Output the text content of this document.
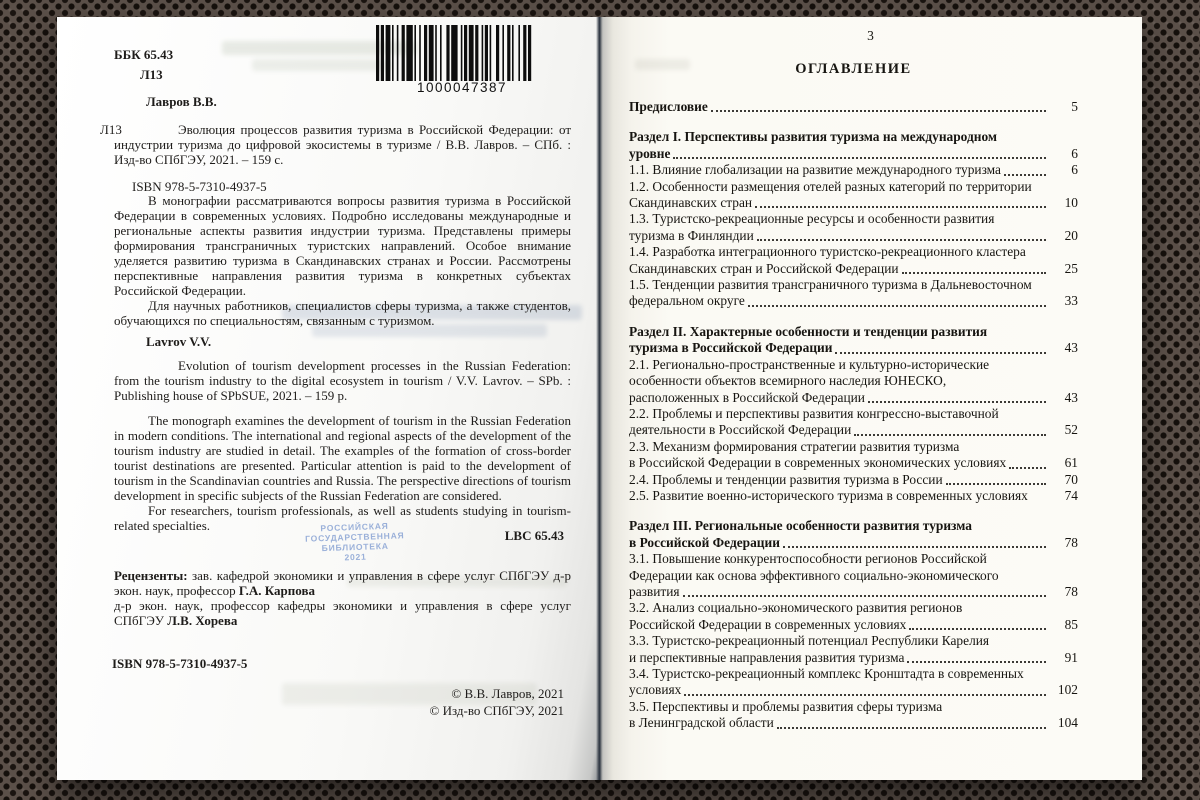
ББК 65.43
Л13
1000047387
Лавров В.В.
Л13	Эволюция процессов развития туризма в Российской Федерации: от индустрии туризма до цифровой экосистемы в туризме / В.В. Лавров. – СПб. : Изд-во СПбГЭУ, 2021. – 159 с.

ISBN 978-5-7310-4937-5

В монографии рассматриваются вопросы развития туризма в Российской Федерации в современных условиях. Подробно исследованы международные и региональные аспекты развития индустрии туризма. Представлены примеры формирования трансграничных туристских направлений. Особое внимание уделяется развитию туризма в Скандинавских странах и России. Рассмотрены перспективные направления развития туризма в конкретных субъектах Российской Федерации.

Для научных работников, специалистов сферы туризма, а также студентов, обучающихся по специальностям, связанным с туризмом.

Lavrov V.V.

Evolution of tourism development processes in the Russian Federation: from the tourism industry to the digital ecosystem in tourism / V.V. Lavrov. – SPb. : Publishing house of SPbSUE, 2021. – 159 p.

The monograph examines the development of tourism in the Russian Federation in modern conditions. The international and regional aspects of the development of the tourism industry are studied in detail. The examples of the formation of cross-border tourist destinations are presented. Particular attention is paid to the development of tourism in the Scandinavian countries and Russia. The perspective directions of tourism development in specific subjects of the Russian Federation are considered.

For researchers, tourism professionals, as well as students studying in tourism-related specialties.	РОССИЙСКАЯ
ГОСУДАРСТВЕННАЯ
БИБЛИОТЕКА
2021
LBC 65.43

Рецензенты: зав. кафедрой экономики и управления в сфере услуг СПбГЭУ д-р экон. наук, профессор Г.А. Карпова

д-р экон. наук, профессор кафедры экономики и управления в сфере услуг СПбГЭУ Л.В. Хорева

ISBN 978-5-7310-4937-5
© В.В. Лавров, 2021
© Изд-во СПбГЭУ, 2021
3
ОГЛАВЛЕНИЕ
Предисловие	5
Раздел I. Перспективы развития туризма на международном
уровне	6
1.1. Влияние глобализации на развитие международного туризма	6
1.2. Особенности размещения отелей разных категорий по территории
Скандинавских стран	10
1.3. Туристско-рекреационные ресурсы и особенности развития
туризма в Финляндии	20
1.4. Разработка интеграционного туристско-рекреационного кластера
Скандинавских стран и Российской Федерации	25
1.5. Тенденции развития трансграничного туризма в Дальневосточном
федеральном округе	33
Раздел II. Характерные особенности и тенденции развития
туризма в Российской Федерации	43
2.1. Регионально-пространственные и культурно-исторические
особенности объектов всемирного наследия ЮНЕСКО,
расположенных в Российской Федерации	43
2.2. Проблемы и перспективы развития конгрессно-выставочной
деятельности в Российской Федерации	52
2.3. Механизм формирования стратегии развития туризма
в Российской Федерации в современных экономических условиях	61
2.4. Проблемы и тенденции развития туризма в России	70
2.5. Развитие военно-исторического туризма в современных условиях	74
Раздел III. Региональные особенности развития туризма
в Российской Федерации	78
3.1. Повышение конкурентоспособности регионов Российской
Федерации как основа эффективного социально-экономического
развития	78
3.2. Анализ социально-экономического развития регионов
Российской Федерации в современных условиях	85
3.3. Туристско-рекреационный потенциал Республики Карелия
и перспективные направления развития туризма	91
3.4. Туристско-рекреационный комплекс Кронштадта в современных
условиях	102
3.5. Перспективы и проблемы развития сферы туризма
в Ленинградской области	104
